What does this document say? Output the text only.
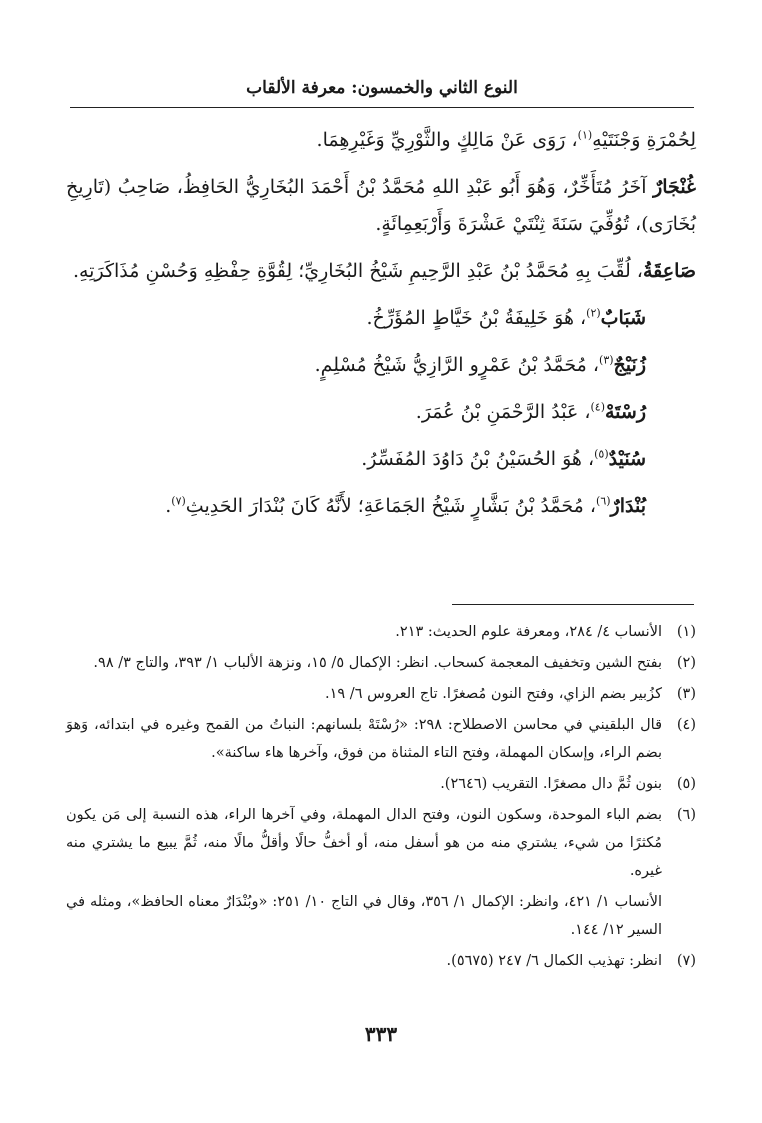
النوع الثاني والخمسون: معرفة الألقاب

لِحُمْرَةِ وَجْنَتَيْهِ$^{(١)}$، رَوَى عَنْ مَالِكٍ والثَّوْرِيِّ وَغَيْرِهِمَا.

غُنْجَارٌ آخَرُ مُتَأَخِّرٌ، وَهُوَ أَبُو عَبْدِ اللهِ مُحَمَّدُ بْنُ أَحْمَدَ البُخَارِيُّ الحَافِظُ، صَاحِبُ (تَارِيخِ بُخَارَى)، تُوُفِّيَ سَنَةَ ثِنْتَيْ عَشْرَةَ وَأَرْبَعِمِائَةٍ.

صَاعِقَةُ، لُقِّبَ بِهِ مُحَمَّدُ بْنُ عَبْدِ الرَّحِيمِ شَيْخُ البُخَارِيِّ؛ لِقُوَّةِ حِفْظِهِ وَحُسْنِ مُذَاكَرَتِهِ.

شَبَابٌ$^{(٢)}$، هُوَ خَلِيفَةُ بْنُ خَيَّاطٍ المُؤَرِّخُ.

زُنَيْجٌ$^{(٣)}$، مُحَمَّدُ بْنُ عَمْرٍو الرَّازِيُّ شَيْخُ مُسْلِمٍ.

رُسْتَهْ$^{(٤)}$، عَبْدُ الرَّحْمَنِ بْنُ عُمَرَ.

سُنَيْدٌ$^{(٥)}$، هُوَ الحُسَيْنُ بْنُ دَاوُدَ المُفَسِّرُ.

بُنْدَارٌ$^{(٦)}$، مُحَمَّدُ بْنُ بَشَّارٍ شَيْخُ الجَمَاعَةِ؛ لأَنَّهُ كَانَ بُنْدَارَ الحَدِيثِ$^{(٧)}$.

(١)
الأنساب ٤/ ٢٨٤، ومعرفة علوم الحديث: ٢١٣.
(٢)
بفتح الشين وتخفيف المعجمة كسحاب. انظر: الإكمال ٥/ ١٥، ونزهة الألباب ١/ ٣٩٣، والتاج ٣/ ٩٨.
(٣)
كزُبير بضم الزاي، وفتح النون مُصغرًا. تاج العروس ٦/ ١٩.
(٤)
قال البلقيني في محاسن الاصطلاح: ٢٩٨: «رُسْتَهْ بلسانهم: النباتُ من القمح وغيره في ابتدائه، وَهوَ بضم الراء، وإسكان المهملة، وفتح التاء المثناة من فوق، وآخرها هاء ساكنة».
(٥)
بنون ثُمَّ دال مصغرًا. التقريب (٢٦٤٦).
(٦)
بضم الباء الموحدة، وسكون النون، وفتح الدال المهملة، وفي آخرها الراء، هذه النسبة إلى مَن يكون مُكثرًا من شيء، يشتري منه من هو أسفل منه، أو أخفُّ حالًا وأقلُّ مالًا منه، ثُمَّ يبيع ما يشتري منه غيره.
الأنساب ١/ ٤٢١، وانظر: الإكمال ١/ ٣٥٦، وقال في التاج ١٠/ ٢٥١: «وبُنْدَارٌ معناه الحافظ»، ومثله في السير ١٢/ ١٤٤.
(٧)
انظر: تهذيب الكمال ٦/ ٢٤٧ (٥٦٧٥).
٣٣٣
